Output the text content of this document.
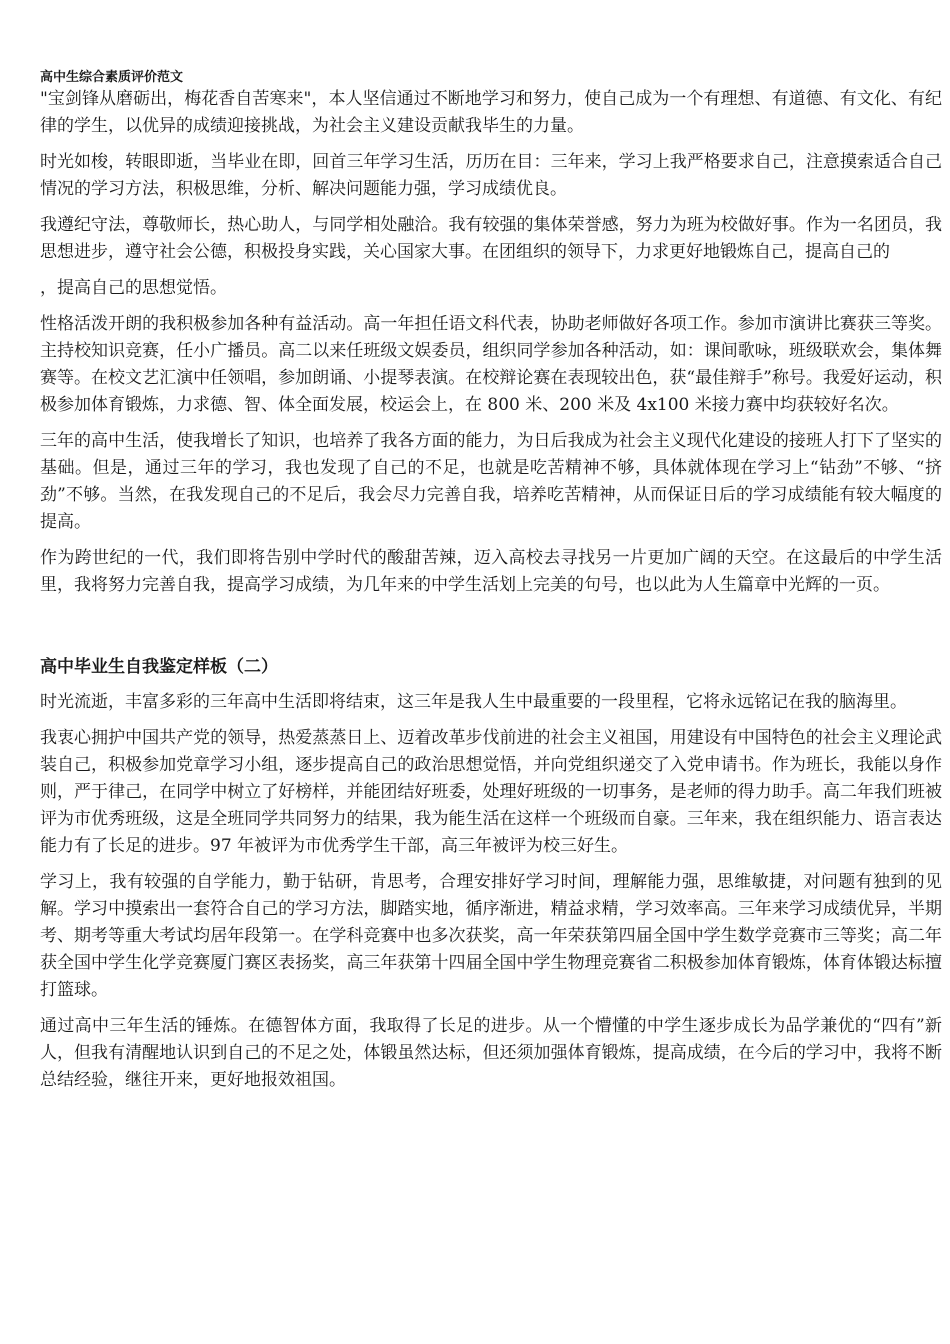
高中生综合素质评价范文

"宝剑锋从磨砺出，梅花香自苦寒来"，本人坚信通过不断地学习和努力，使自己成为一个有理想、有道德、有文化、有纪律的学生，以优异的成绩迎接挑战，为社会主义建设贡献我毕生的力量。

时光如梭，转眼即逝，当毕业在即，回首三年学习生活，历历在目：三年来，学习上我严格要求自己，注意摸索适合自己情况的学习方法，积极思维，分析、解决问题能力强，学习成绩优良。

我遵纪守法，尊敬师长，热心助人，与同学相处融洽。我有较强的集体荣誉感，努力为班为校做好事。作为一名团员，我思想进步，遵守社会公德，积极投身实践，关心国家大事。在团组织的领导下，力求更好地锻炼自己，提高自己的

，提高自己的思想觉悟。

性格活泼开朗的我积极参加各种有益活动。高一年担任语文科代表，协助老师做好各项工作。参加市演讲比赛获三等奖。主持校知识竞赛，任小广播员。高二以来任班级文娱委员，组织同学参加各种活动，如：课间歌咏，班级联欢会，集体舞赛等。在校文艺汇演中任领唱，参加朗诵、小提琴表演。在校辩论赛在表现较出色，获“最佳辩手”称号。我爱好运动，积极参加体育锻炼，力求德、智、体全面发展，校运会上，在 800 米、200 米及 4x100 米接力赛中均获较好名次。

三年的高中生活，使我增长了知识，也培养了我各方面的能力，为日后我成为社会主义现代化建设的接班人打下了坚实的基础。但是，通过三年的学习，我也发现了自己的不足，也就是吃苦精神不够，具体就体现在学习上“钻劲”不够、“挤劲”不够。当然，在我发现自己的不足后，我会尽力完善自我，培养吃苦精神，从而保证日后的学习成绩能有较大幅度的提高。

作为跨世纪的一代，我们即将告别中学时代的酸甜苦辣，迈入高校去寻找另一片更加广阔的天空。在这最后的中学生活里，我将努力完善自我，提高学习成绩，为几年来的中学生活划上完美的句号，也以此为人生篇章中光辉的一页。

高中毕业生自我鉴定样板（二）

时光流逝，丰富多彩的三年高中生活即将结束，这三年是我人生中最重要的一段里程，它将永远铭记在我的脑海里。

我衷心拥护中国共产党的领导，热爱蒸蒸日上、迈着改革步伐前进的社会主义祖国，用建设有中国特色的社会主义理论武装自己，积极参加党章学习小组，逐步提高自己的政治思想觉悟，并向党组织递交了入党申请书。作为班长，我能以身作则，严于律己，在同学中树立了好榜样，并能团结好班委，处理好班级的一切事务，是老师的得力助手。高二年我们班被评为市优秀班级，这是全班同学共同努力的结果，我为能生活在这样一个班级而自豪。三年来，我在组织能力、语言表达能力有了长足的进步。97 年被评为市优秀学生干部，高三年被评为校三好生。

学习上，我有较强的自学能力，勤于钻研，肯思考，合理安排好学习时间，理解能力强，思维敏捷，对问题有独到的见解。学习中摸索出一套符合自己的学习方法，脚踏实地，循序渐进，精益求精，学习效率高。三年来学习成绩优异，半期考、期考等重大考试均居年段第一。在学科竞赛中也多次获奖，高一年荣获第四届全国中学生数学竞赛市三等奖；高二年获全国中学生化学竞赛厦门赛区表扬奖，高三年获第十四届全国中学生物理竞赛省二积极参加体育锻炼，体育体锻达标擅打篮球。

通过高中三年生活的锤炼。在德智体方面，我取得了长足的进步。从一个懵懂的中学生逐步成长为品学兼优的“四有”新人，但我有清醒地认识到自己的不足之处，体锻虽然达标，但还须加强体育锻炼，提高成绩，在今后的学习中，我将不断总结经验，继往开来，更好地报效祖国。
